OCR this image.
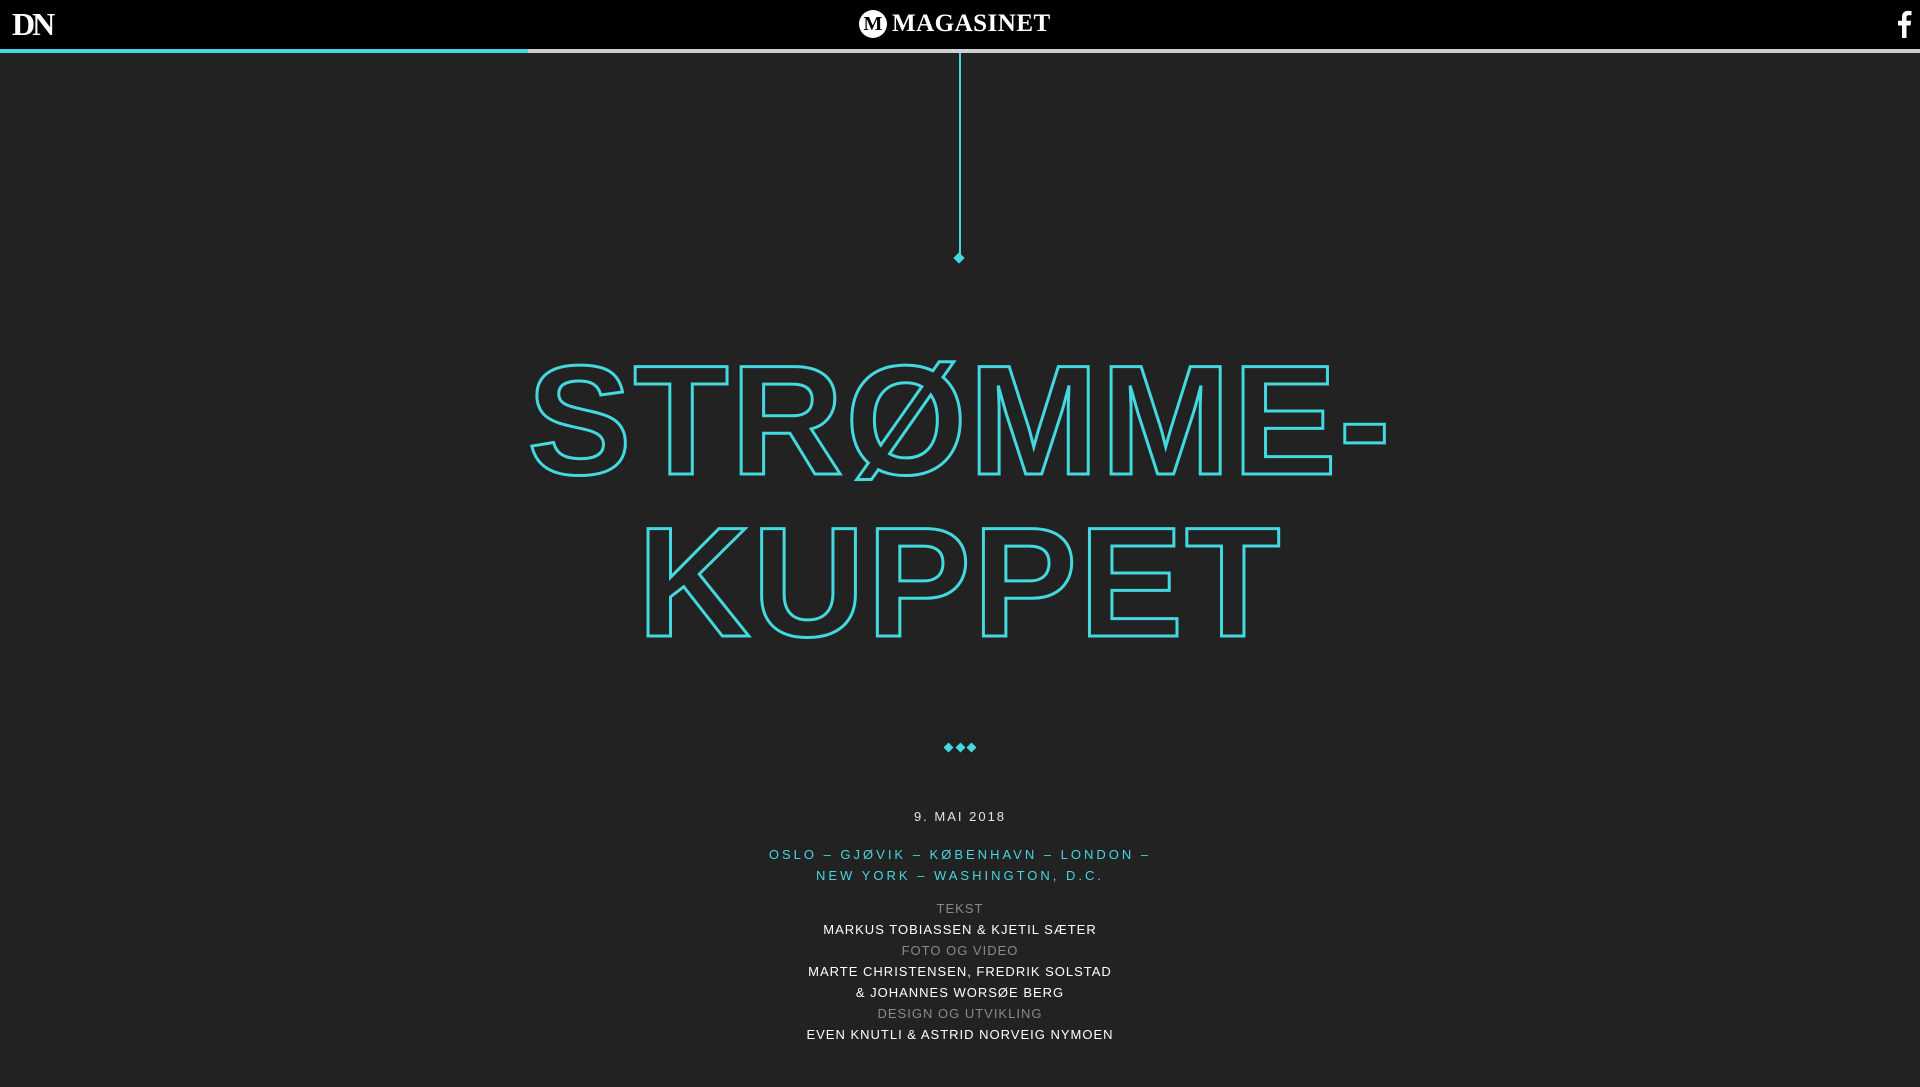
DN	M MAGASINET
STRØMME-
KUPPET
9. MAI 2018
OSLO – GJØVIK – KØBENHAVN – LONDON –
NEW YORK – WASHINGTON, D.C.
TEKST
MARKUS TOBIASSEN & KJETIL SÆTER
FOTO OG VIDEO
MARTE CHRISTENSEN, FREDRIK SOLSTAD
& JOHANNES WORSØE BERG
DESIGN OG UTVIKLING
EVEN KNUTLI & ASTRID NORVEIG NYMOEN
